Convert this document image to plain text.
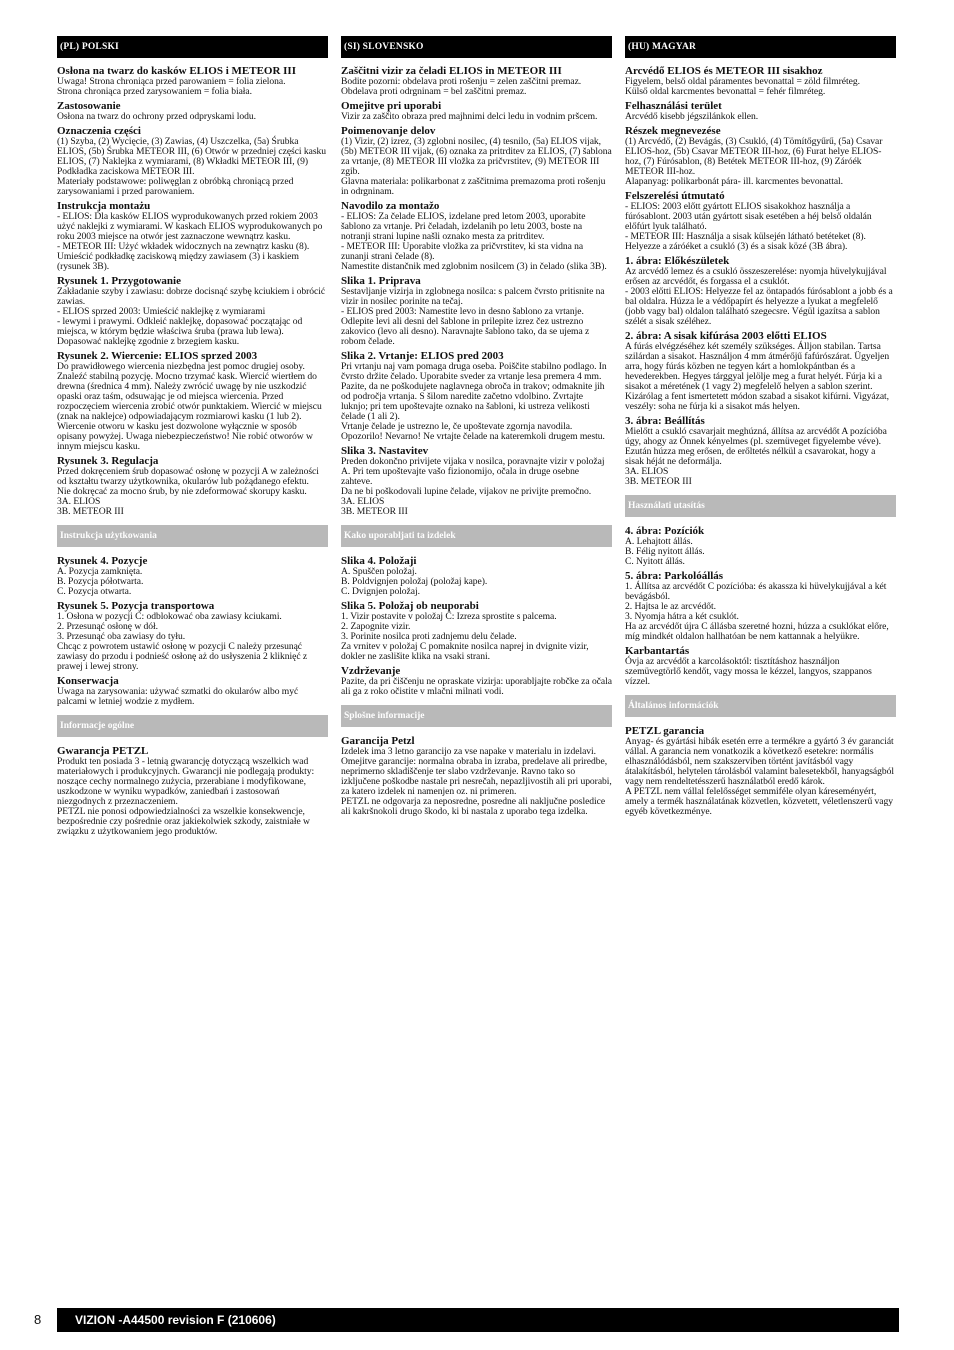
(PL) POLSKI
Osłona na twarz do kasków ELIOS i METEOR III

Uwaga! Strona chroniąca przed parowaniem = folia zielona.
Strona chroniąca przed zarysowaniem = folia biała.

Zastosowanie

Osłona na twarz do ochrony przed odpryskami lodu.

Oznaczenia części

(1) Szyba, (2) Wycięcie, (3) Zawias, (4) Uszczelka, (5a) Śrubka ELIOS, (5b) Śrubka METEOR III, (6) Otwór w przedniej części kasku ELIOS, (7) Naklejka z wymiarami, (8) Wkładki METEOR III, (9) Podkładka zaciskowa METEOR III.
Materiały podstawowe: poliwęglan z obróbką chroniącą przed zarysowaniami i przed parowaniem.

Instrukcja montażu

- ELIOS: Dla kasków ELIOS wyprodukowanych przed rokiem 2003 użyć naklejki z wymiarami. W kaskach ELIOS wyprodukowanych po roku 2003 miejsce na otwór jest zaznaczone wewnątrz kasku.
- METEOR III: Użyć wkładek widocznych na zewnątrz kasku (8).
Umieścić podkładkę zaciskową między zawiasem (3) i kaskiem (rysunek 3B).

Rysunek 1. Przygotowanie

Zakładanie szyby i zawiasu: dobrze docisnąć szybę kciukiem i obrócić zawias.
- ELIOS sprzed 2003: Umieścić naklejkę z wymiarami
- lewymi i prawymi. Odkleić naklejkę, dopasować początając od miejsca, w którym będzie właściwa śruba (prawa lub lewa). Dopasować naklejkę zgodnie z brzegiem kasku.

Rysunek 2. Wiercenie: ELIOS sprzed 2003

Do prawidłowego wiercenia niezbędna jest pomoc drugiej osoby. Znaleźć stabilną pozycję. Mocno trzymać kask. Wiercić wiertłem do drewna (średnica 4 mm). Należy zwrócić uwagę by nie uszkodzić opaski oraz taśm, odsuwając je od miejsca wiercenia. Przed rozpoczęciem wiercenia zrobić otwór punktakiem. Wiercić w miejscu (znak na naklejce) odpowiadającym rozmiarowi kasku (1 lub 2).
Wiercenie otworu w kasku jest dozwolone wyłącznie w sposób opisany powyżej. Uwaga niebezpieczeństwo! Nie robić otworów w innym miejscu kasku.

Rysunek 3. Regulacja

Przed dokręceniem śrub dopasować osłonę w pozycji A w zależności od kształtu twarzy użytkownika, okularów lub pożądanego efektu.
Nie dokręcać za mocno śrub, by nie zdeformować skorupy kasku.
3A. ELIOS
3B. METEOR III

Instrukcja użytkowania
Rysunek 4. Pozycje

A. Pozycja zamknięta.
B. Pozycja półotwarta.
C. Pozycja otwarta.

Rysunek 5. Pozycja transportowa

1. Osłona w pozycji C: odblokować oba zawiasy kciukami.
2. Przesunąć osłonę w dół.
3. Przesunąć oba zawiasy do tyłu.
Chcąc z powrotem ustawić osłonę w pozycji C należy przesunąć zawiasy do przodu i podnieść osłonę aż do usłyszenia 2 kliknięć z prawej i lewej strony.

Konserwacja

Uwaga na zarysowania: używać szmatki do okularów albo myć palcami w letniej wodzie z mydłem.

Informacje ogólne
Gwarancja PETZL

Produkt ten posiada 3 - letnią gwarancję dotyczącą wszelkich wad materiałowych i produkcyjnych. Gwarancji nie podlegają produkty: noszące cechy normalnego zużycia, przerabiane i modyfikowane, uszkodzone w wyniku wypadków, zaniedbań i zastosowań niezgodnych z przeznaczeniem.
PETZL nie ponosi odpowiedzialności za wszelkie konsekwencje, bezpośrednie czy pośrednie oraz jakiekolwiek szkody, zaistniałe w związku z użytkowaniem jego produktów.

(SI) SLOVENSKO
Zaščitni vizir za čeladi ELIOS in METEOR III

Bodite pozorni: obdelava proti rošenju = zelen zaščitni premaz.
Obdelava proti odrgninam = bel zaščitni premaz.

Omejitve pri uporabi

Vizir za zaščito obraza pred majhnimi delci ledu in vodnim pršcem.

Poimenovanje delov

(1) Vizir, (2) izrez, (3) zglobni nosilec, (4) tesnilo, (5a) ELIOS vijak, (5b) METEOR III vijak, (6) oznaka za pritrditev za ELIOS, (7) šablona za vrtanje, (8) METEOR III vložka za pričvrstitev, (9) METEOR III zgib.
Glavna materiala: polikarbonat z zaščitnima premazoma proti rošenju in odrgninam.

Navodilo za montažo

- ELIOS: Za čelade ELIOS, izdelane pred letom 2003, uporabite šablono za vrtanje. Pri čeladah, izdelanih po letu 2003, boste na notranji strani lupine našli oznako mesta za pritrditev.
- METEOR III: Uporabite vložka za pričvrstitev, ki sta vidna na zunanji strani čelade (8).
Namestite distančnik med zglobnim nosilcem (3) in čelado (slika 3B).

Slika 1. Priprava

Sestavljanje vizirja in zglobnega nosilca: s palcem čvrsto pritisnite na vizir in nosilec porinite na tečaj.
- ELIOS pred 2003: Namestite levo in desno šablono za vrtanje. Odlepite levi ali desni del šablone in prilepite izrez čez ustrezno zakovico (levo ali desno). Naravnajte šablono tako, da se ujema z robom čelade.

Slika 2. Vrtanje: ELIOS pred 2003

Pri vrtanju naj vam pomaga druga oseba. Poiščite stabilno podlago. In čvrsto držite čelado. Uporabite sveder za vrtanje lesa premera 4 mm. Pazite, da ne poškodujete naglavnega obroča in trakov; odmaknite jih od področja vrtanja. S šilom naredite začetno vdolbino. Zvrtajte luknjo; pri tem upoštevajte oznako na šabloni, ki ustreza velikosti čelade (1 ali 2).
Vrtanje čelade je ustrezno le, če upoštevate zgornja navodila. Opozorilo! Nevarno! Ne vrtajte čelade na kateremkoli drugem mestu.

Slika 3. Nastavitev

Preden dokončno privijete vijaka v nosilca, poravnajte vizir v položaj A. Pri tem upoštevajte vašo fizionomijo, očala in druge osebne zahteve.
Da ne bi poškodovali lupine čelade, vijakov ne privijte premočno.
3A. ELIOS
3B. METEOR III

Kako uporabljati ta izdelek
Slika 4. Položaji

A. Spuščen položaj.
B. Poldvignjen položaj (položaj kape).
C. Dvignjen položaj.

Slika 5. Položaj ob neuporabi

1. Vizir postavite v položaj C: Izreza sprostite s palcema.
2. Zapognite vizir.
3. Porinite nosilca proti zadnjemu delu čelade.
Za vrnitev v položaj C pomaknite nosilca naprej in dvignite vizir, dokler ne zaslišite klika na vsaki strani.

Vzdrževanje

Pazite, da pri čiščenju ne opraskate vizirja: uporabljajte robčke za očala ali ga z roko očistite v mlačni milnati vodi.

Splošne informacije
Garancija Petzl

Izdelek ima 3 letno garancijo za vse napake v materialu in izdelavi. Omejitve garancije: normalna obraba in izraba, predelave ali priredbe, neprimerno skladiščenje ter slabo vzdrževanje. Ravno tako so izključene poškodbe nastale pri nesrečah, nepazljivostih ali pri uporabi, za katero izdelek ni namenjen oz. ni primeren.
PETZL ne odgovarja za neposredne, posredne ali naključne posledice ali kakršnokoli drugo škodo, ki bi nastala z uporabo tega izdelka.

(HU) MAGYAR
Arcvédő ELIOS és METEOR III sisakhoz

Figyelem, belső oldal páramentes bevonattal = zöld filmréteg.
Külső oldal karcmentes bevonattal = fehér filmréteg.

Felhasználási terület

Arcvédő kisebb jégszilánkok ellen.

Részek megnevezése

(1) Arcvédő, (2) Bevágás, (3) Csukló, (4) Tömítőgyűrű, (5a) Csavar ELIOS-hoz, (5b) Csavar METEOR III-hoz, (6) Furat helye ELIOS-hoz, (7) Fúrósablon, (8) Betétek METEOR III-hoz, (9) Záróék METEOR III-hoz.
Alapanyag: polikarbonát pára- ill. karcmentes bevonattal.

Felszerelési útmutató

- ELIOS: 2003 előtt gyártott ELIOS sisakokhoz használja a fúrósablont. 2003 után gyártott sisak esetében a héj belső oldalán előfúrt lyuk található.
- METEOR III: Használja a sisak külsején látható betéteket (8).
Helyezze a záróéket a csukló (3) és a sisak közé (3B ábra).

1. ábra: Előkészületek

Az arcvédő lemez és a csukló összeszerelése: nyomja hüvelykujjával erősen az arcvédőt, és forgassa el a csuklót.
- 2003 előtti ELIOS: Helyezze fel az öntapadós fúrósablont a jobb és a bal oldalra. Húzza le a védőpapírt és helyezze a lyukat a megfelelő (jobb vagy bal) oldalon található szegecsre. Végül igazítsa a sablon szélét a sisak széléhez.

2. ábra: A sisak kifúrása 2003 előtti ELIOS

A fúrás elvégzéséhez két személy szükséges. Álljon stabilan. Tartsa szilárdan a sisakot. Használjon 4 mm átmérőjű fafúrószárat. Ügyeljen arra, hogy fúrás közben ne tegyen kárt a homlokpántban és a hevederekben. Hegyes tárggyal jelölje meg a furat helyét. Fúrja ki a sisakot a méretének (1 vagy 2) megfelelő helyen a sablon szerint.
Kizárólag a fent ismertetett módon szabad a sisakot kifúrni. Vigyázat, veszély: soha ne fúrja ki a sisakot más helyen.

3. ábra: Beállítás

Mielőtt a csukló csavarjait meghúzná, állítsa az arcvédőt A pozícióba úgy, ahogy az Önnek kényelmes (pl. szemüveget figyelembe véve).
Ezután húzza meg erősen, de erőltetés nélkül a csavarokat, hogy a sisak héját ne deformálja.
3A. ELIOS
3B. METEOR III

Használati utasítás
4. ábra: Pozíciók

A. Lehajtott állás.
B. Félig nyitott állás.
C. Nyitott állás.

5. ábra: Parkolóállás

1. Állítsa az arcvédőt C pozícióba: és akassza ki hüvelykujjával a két bevágásból.
2. Hajtsa le az arcvédőt.
3. Nyomja hátra a két csuklót.
Ha az arcvédőt újra C állásba szeretné hozni, húzza a csuklókat előre, míg mindkét oldalon hallhatóan be nem kattannak a helyükre.

Karbantartás

Óvja az arcvédőt a karcolásoktól: tisztításhoz használjon szemüvegtörlő kendőt, vagy mossa le kézzel, langyos, szappanos vízzel.

Általános információk
PETZL garancia

Anyag- és gyártási hibák esetén erre a termékre a gyártó 3 év garanciát vállal. A garancia nem vonatkozik a következő esetekre: normális elhasználódásból, nem szakszerviben történt javításból vagy átalakításból, helytelen tárolásból valamint balesetekből, hanyagságból vagy nem rendeltetésszerű használatból eredő károk.
A PETZL nem vállal felelősséget semmiféle olyan káreseményért, amely a termék használatának közvetlen, közvetett, véletlenszerű vagy egyéb következménye.

8	VIZION -A44500 revision F (210606)
